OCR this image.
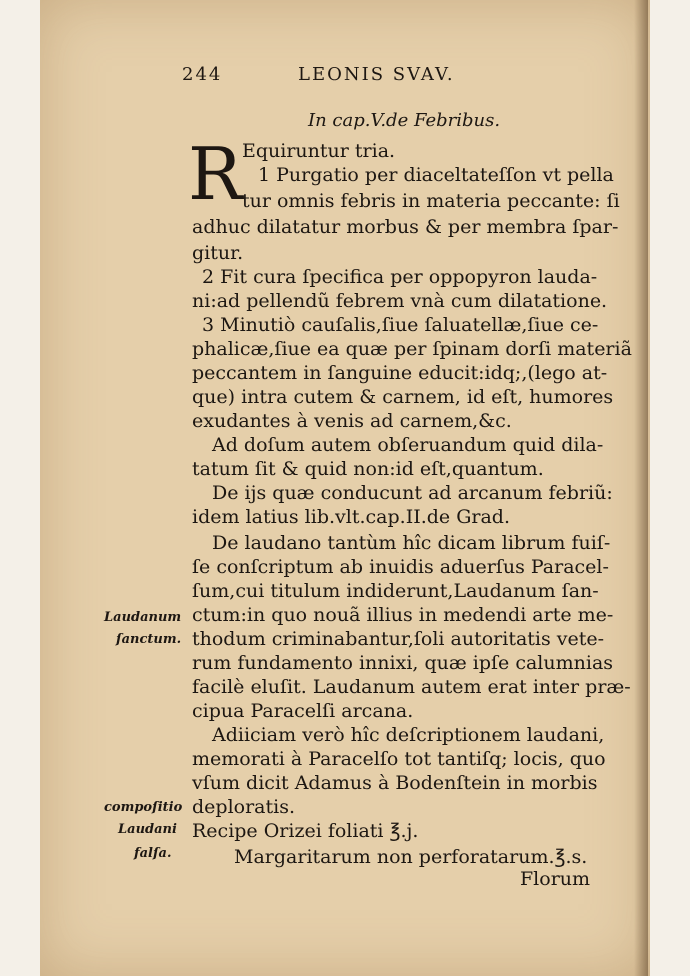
244	LEONIS SVAV.
In cap.V.de Febribus.
R Equiruntur tria.
1 Purgatio per diaceltateſſon vt pella
tur omnis febris in materia peccante: ſi
adhuc dilatatur morbus & per membra ſpar-
gitur.
2 Fit cura ſpecifica per oppopyron lauda-
ni:ad pellendũ febrem vnà cum dilatatione.
3 Minutiò cauſalis,ſiue ſaluatellæ,ſiue ce-
phalicæ,ſiue ea quæ per ſpinam dorſi materiã
peccantem in ſanguine educit:idq;,(lego at-
que) intra cutem & carnem, id eſt, humores
exudantes à venis ad carnem,&c.
Ad doſum autem obſeruandum quid dila-
tatum ſit & quid non:id eſt,quantum.
De ijs quæ conducunt ad arcanum febriũ:
idem latius lib.vlt.cap.II.de Grad.
De laudano tantùm hîc dicam librum fuiſ-
ſe conſcriptum ab inuidis aduerſus Paracel-
ſum,cui titulum indiderunt,Laudanum ſan-
ctum:in quo nouã illius in medendi arte me-
thodum criminabantur,ſoli autoritatis vete-
rum fundamento innixi, quæ ipſe calumnias
facilè eluſit. Laudanum autem erat inter præ-
cipua Paracelſi arcana.
Adiiciam verò hîc deſcriptionem laudani,
memorati à Paracelſo tot tantiſq; locis, quo
vſum dicit Adamus à Bodenſtein in morbis
deploratis.
Recipe Orizei foliati ℥.j.
Margaritarum non perforatarum.℥.s.
Florum
Laudanum
ſanctum.
compoſitio
Laudani
falſa.
